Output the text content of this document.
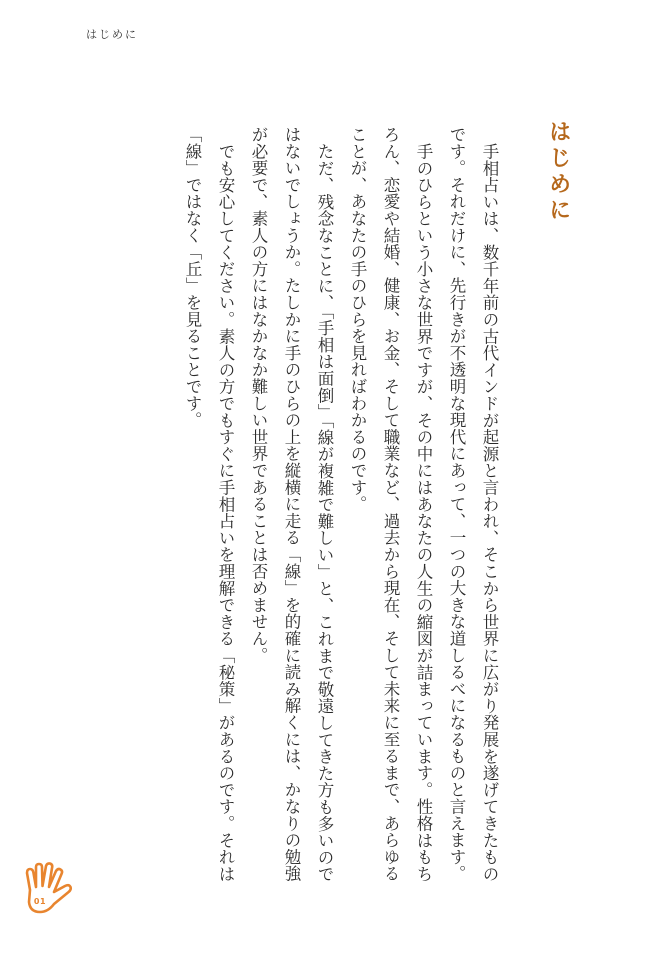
はじめに
はじめに

手相占いは、数千年前の古代インドが起源と言われ、そこから世界に広がり発展を遂げてきたものです。それだけに、先行きが不透明な現代にあって、一つの大きな道しるべになるものと言えます。

手のひらという小さな世界ですが、その中にはあなたの人生の縮図が詰まっています。性格はもちろん、恋愛や結婚、健康、お金、そして職業など、過去から現在、そして未来に至るまで、あらゆることが、あなたの手のひらを見ればわかるのです。

ただ、残念なことに、「手相は面倒」「線が複雑で難しい」と、これまで敬遠してきた方も多いのではないでしょうか。たしかに手のひらの上を縦横に走る「線」を的確に読み解くには、かなりの勉強が必要で、素人の方にはなかなか難しい世界であることは否めません。

でも安心してください。素人の方でもすぐに手相占いを理解できる「秘策」があるのです。それは「線」ではなく「丘」を見ることです。

01
